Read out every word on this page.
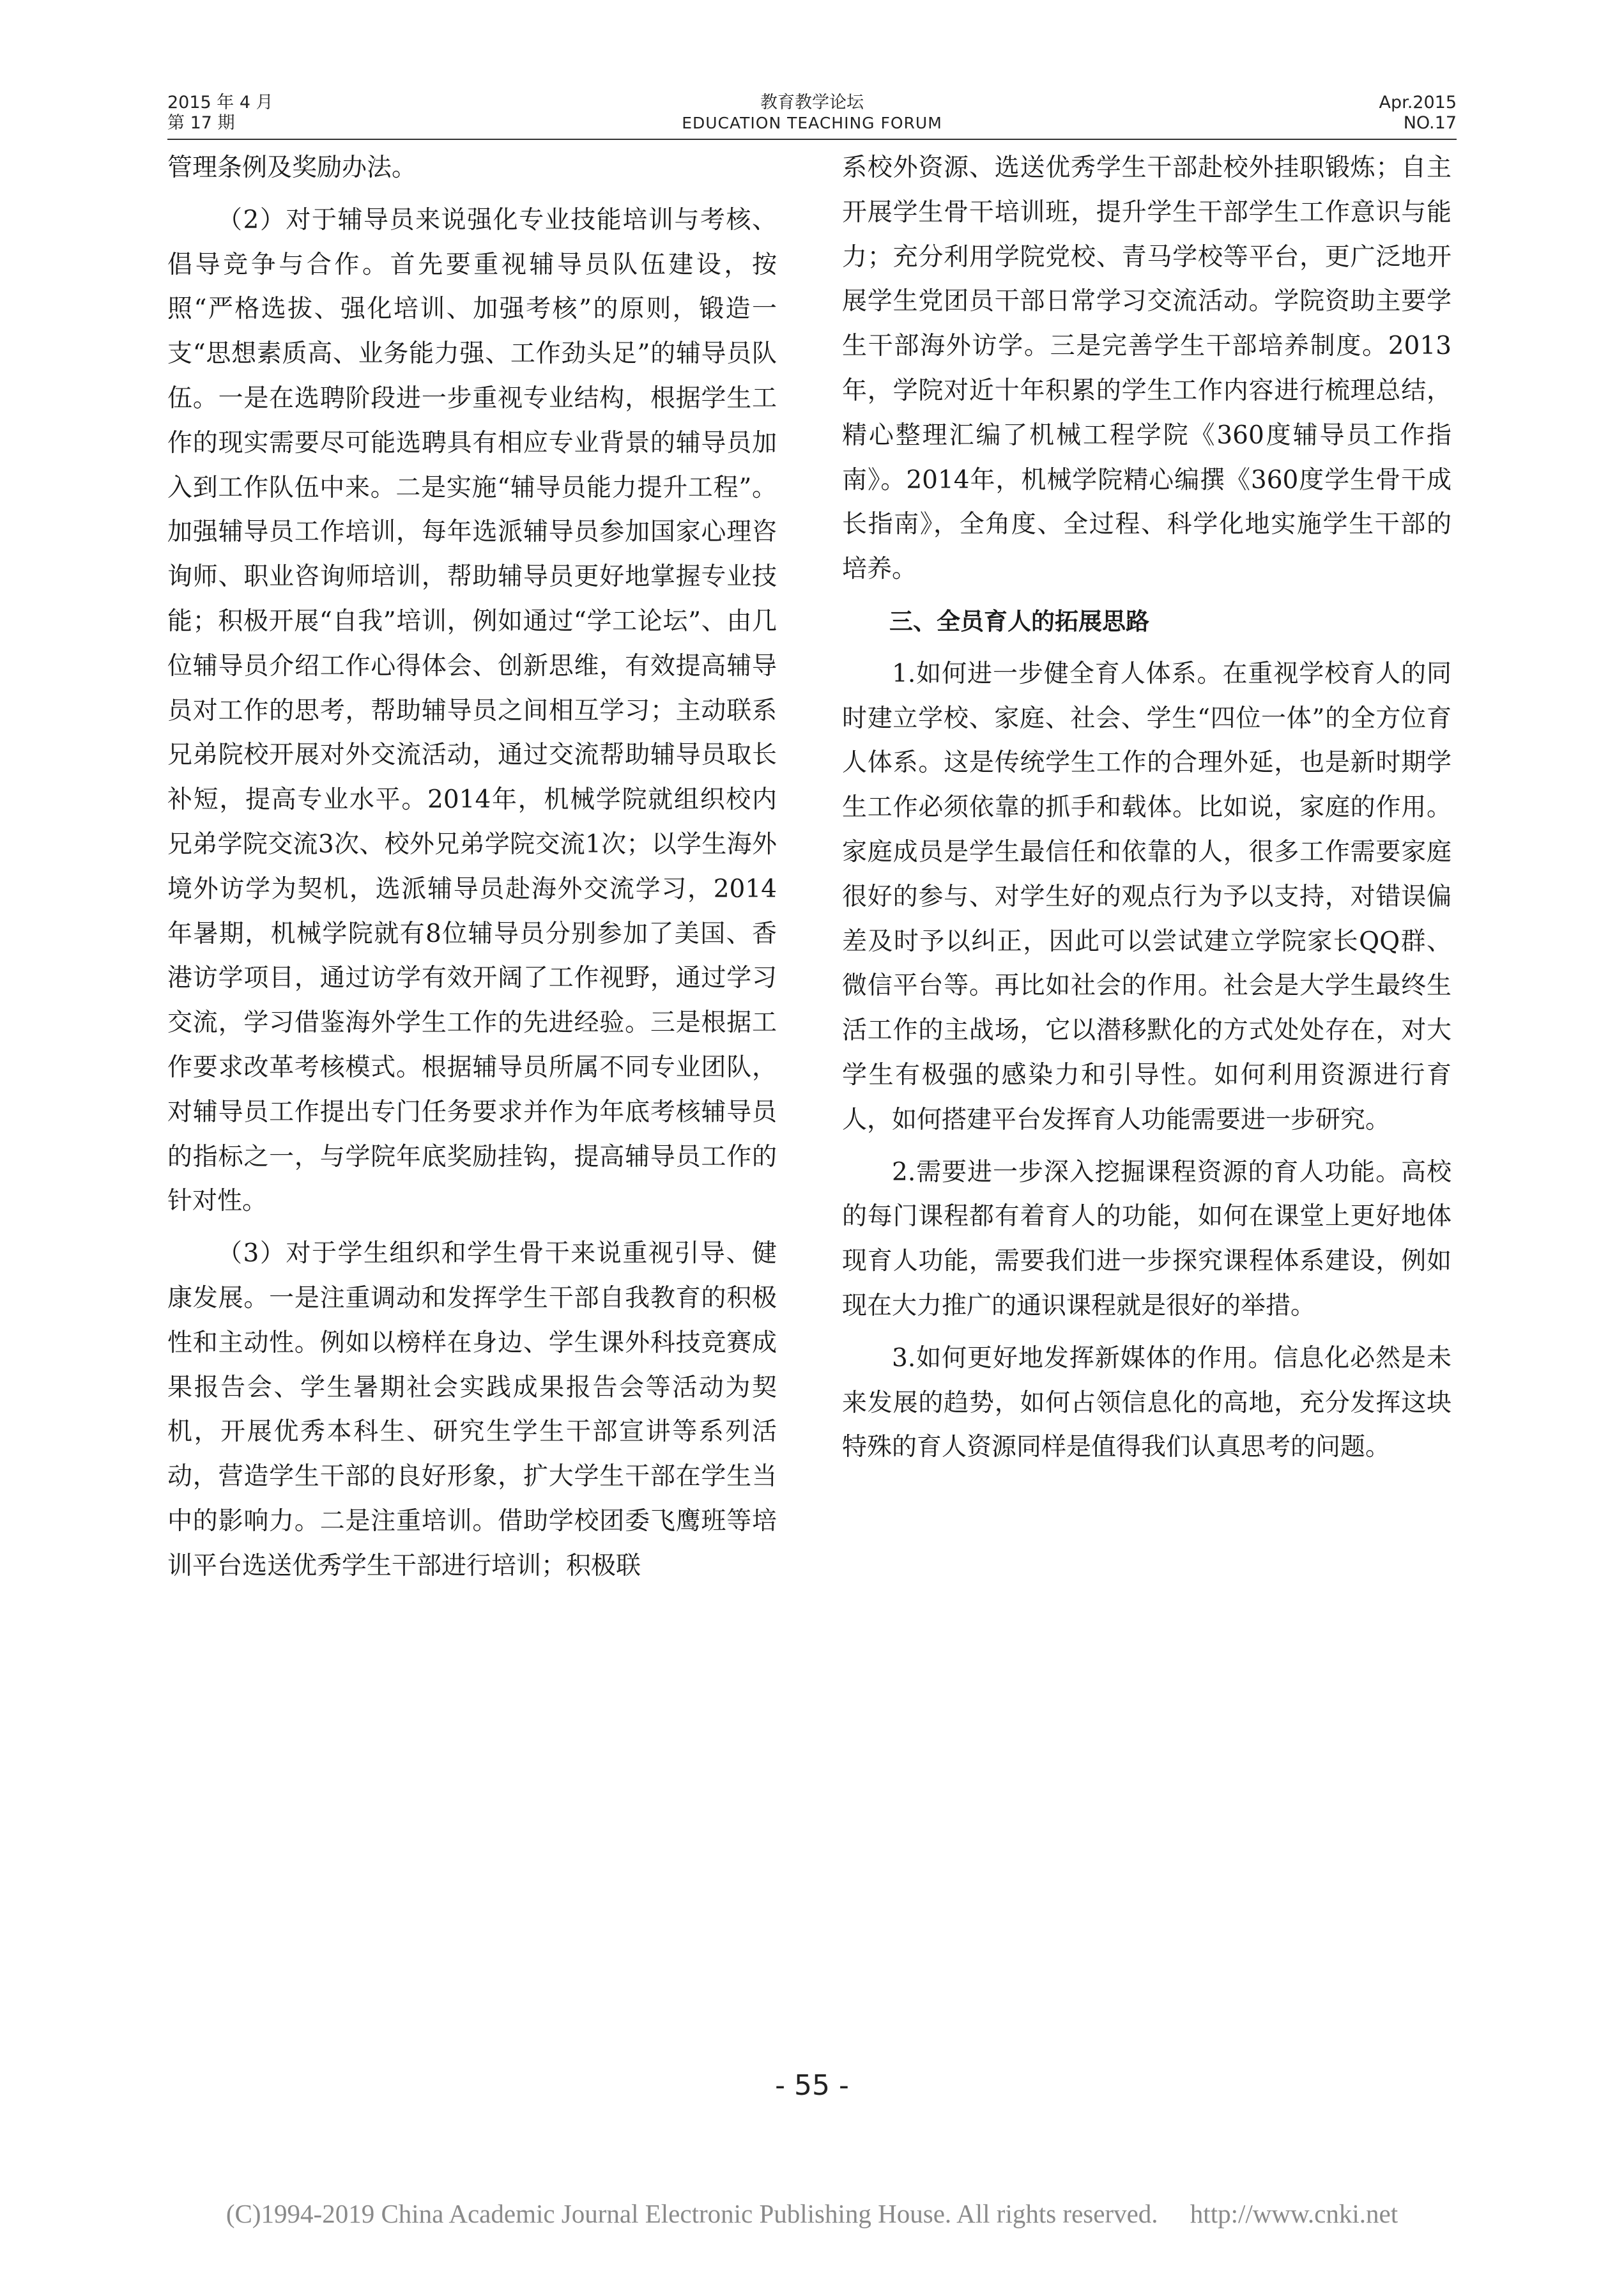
2015 年 4 月
第 17 期
教育教学论坛
EDUCATION TEACHING FORUM
Apr.2015
NO.17

管理条例及奖励办法。

（2）对于辅导员来说强化专业技能培训与考核、倡导竞争与合作。首先要重视辅导员队伍建设，按照“严格选拔、强化培训、加强考核”的原则，锻造一支“思想素质高、业务能力强、工作劲头足”的辅导员队伍。一是在选聘阶段进一步重视专业结构，根据学生工作的现实需要尽可能选聘具有相应专业背景的辅导员加入到工作队伍中来。二是实施“辅导员能力提升工程”。加强辅导员工作培训，每年选派辅导员参加国家心理咨询师、职业咨询师培训，帮助辅导员更好地掌握专业技能；积极开展“自我”培训，例如通过“学工论坛”、由几位辅导员介绍工作心得体会、创新思维，有效提高辅导员对工作的思考，帮助辅导员之间相互学习；主动联系兄弟院校开展对外交流活动，通过交流帮助辅导员取长补短，提高专业水平。2014年，机械学院就组织校内兄弟学院交流3次、校外兄弟学院交流1次；以学生海外境外访学为契机，选派辅导员赴海外交流学习，2014年暑期，机械学院就有8位辅导员分别参加了美国、香港访学项目，通过访学有效开阔了工作视野，通过学习交流，学习借鉴海外学生工作的先进经验。三是根据工作要求改革考核模式。根据辅导员所属不同专业团队，对辅导员工作提出专门任务要求并作为年底考核辅导员的指标之一，与学院年底奖励挂钩，提高辅导员工作的针对性。

（3）对于学生组织和学生骨干来说重视引导、健康发展。一是注重调动和发挥学生干部自我教育的积极性和主动性。例如以榜样在身边、学生课外科技竞赛成果报告会、学生暑期社会实践成果报告会等活动为契机，开展优秀本科生、研究生学生干部宣讲等系列活动，营造学生干部的良好形象，扩大学生干部在学生当中的影响力。二是注重培训。借助学校团委飞鹰班等培训平台选送优秀学生干部进行培训；积极联

系校外资源、选送优秀学生干部赴校外挂职锻炼；自主开展学生骨干培训班，提升学生干部学生工作意识与能力；充分利用学院党校、青马学校等平台，更广泛地开展学生党团员干部日常学习交流活动。学院资助主要学生干部海外访学。三是完善学生干部培养制度。2013年，学院对近十年积累的学生工作内容进行梳理总结，精心整理汇编了机械工程学院《360度辅导员工作指南》。2014年，机械学院精心编撰《360度学生骨干成长指南》，全角度、全过程、科学化地实施学生干部的培养。

三、全员育人的拓展思路

1.如何进一步健全育人体系。在重视学校育人的同时建立学校、家庭、社会、学生“四位一体”的全方位育人体系。这是传统学生工作的合理外延，也是新时期学生工作必须依靠的抓手和载体。比如说，家庭的作用。家庭成员是学生最信任和依靠的人，很多工作需要家庭很好的参与、对学生好的观点行为予以支持，对错误偏差及时予以纠正，因此可以尝试建立学院家长QQ群、微信平台等。再比如社会的作用。社会是大学生最终生活工作的主战场，它以潜移默化的方式处处存在，对大学生有极强的感染力和引导性。如何利用资源进行育人，如何搭建平台发挥育人功能需要进一步研究。

2.需要进一步深入挖掘课程资源的育人功能。高校的每门课程都有着育人的功能，如何在课堂上更好地体现育人功能，需要我们进一步探究课程体系建设，例如现在大力推广的通识课程就是很好的举措。

3.如何更好地发挥新媒体的作用。信息化必然是未来发展的趋势，如何占领信息化的高地，充分发挥这块特殊的育人资源同样是值得我们认真思考的问题。

- 55 -
(C)1994-2019 China Academic Journal Electronic Publishing House. All rights reserved. http://www.cnki.net
